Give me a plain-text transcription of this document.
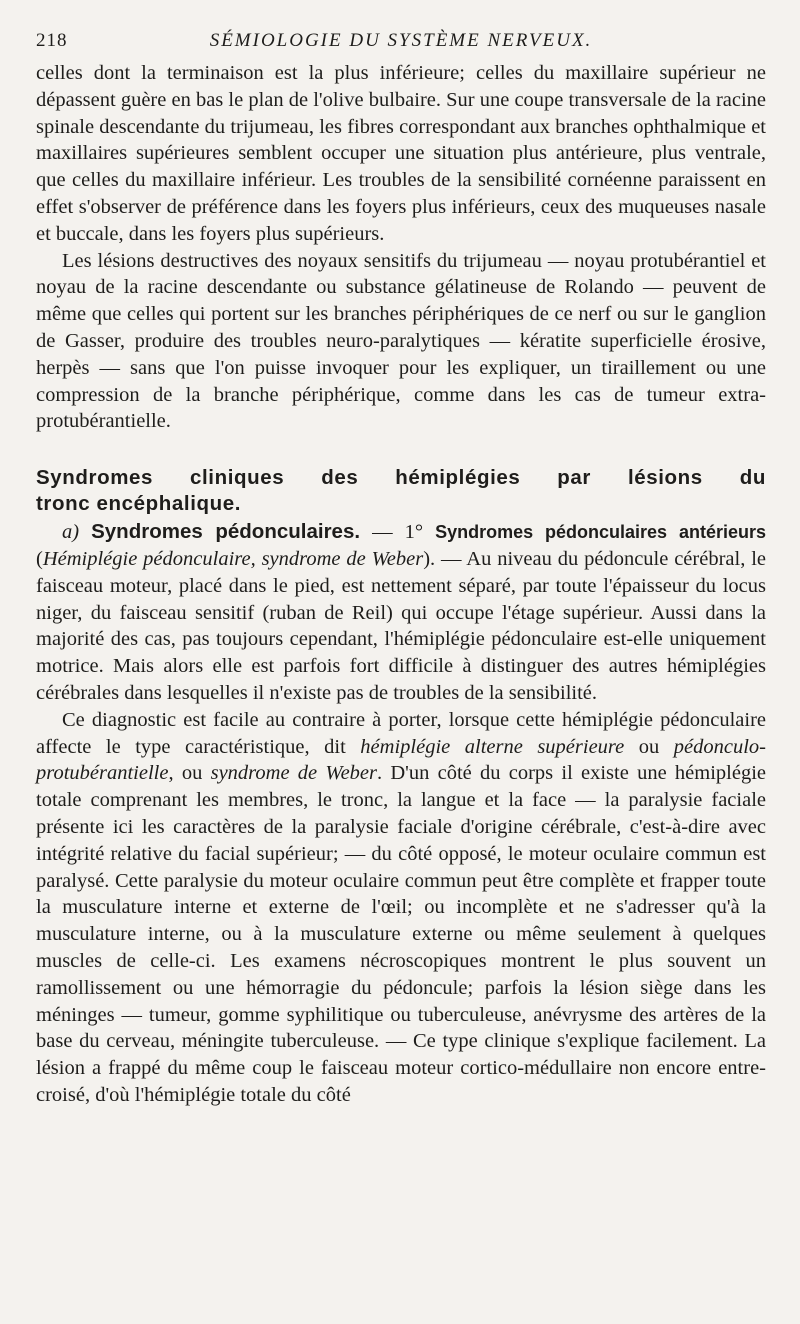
218	SÉMIOLOGIE DU SYSTÈME NERVEUX.

celles dont la terminaison est la plus inférieure; celles du maxillaire supérieur ne dépassent guère en bas le plan de l'olive bulbaire. Sur une coupe transversale de la racine spinale descendante du trijumeau, les fibres correspondant aux branches ophthalmique et maxillaires supérieures semblent occuper une situation plus antérieure, plus ventrale, que celles du maxillaire inférieur. Les troubles de la sensibilité cornéenne paraissent en effet s'observer de préférence dans les foyers plus inférieurs, ceux des muqueuses nasale et buccale, dans les foyers plus supérieurs.

Les lésions destructives des noyaux sensitifs du trijumeau — noyau protubérantiel et noyau de la racine descendante ou substance gélatineuse de Rolando — peuvent de même que celles qui portent sur les branches périphériques de ce nerf ou sur le ganglion de Gasser, produire des troubles neuro-paralytiques — kératite superficielle érosive, herpès — sans que l'on puisse invoquer pour les expliquer, un tiraillement ou une compression de la branche périphérique, comme dans les cas de tumeur extra-protubérantielle.

Syndromes cliniques des hémiplégies par lésions du
tronc encéphalique.

a) Syndromes pédonculaires. — 1° Syndromes pédonculaires antérieurs (Hémiplégie pédonculaire, syndrome de Weber). — Au niveau du pédoncule cérébral, le faisceau moteur, placé dans le pied, est nettement séparé, par toute l'épaisseur du locus niger, du faisceau sensitif (ruban de Reil) qui occupe l'étage supérieur. Aussi dans la majorité des cas, pas toujours cependant, l'hémiplégie pédonculaire est-elle uniquement motrice. Mais alors elle est parfois fort difficile à distinguer des autres hémiplégies cérébrales dans lesquelles il n'existe pas de troubles de la sensibilité.

Ce diagnostic est facile au contraire à porter, lorsque cette hémiplégie pédonculaire affecte le type caractéristique, dit hémiplégie alterne supérieure ou pédonculo-protubérantielle, ou syndrome de Weber. D'un côté du corps il existe une hémiplégie totale comprenant les membres, le tronc, la langue et la face — la paralysie faciale présente ici les caractères de la paralysie faciale d'origine cérébrale, c'est-à-dire avec intégrité relative du facial supérieur; — du côté opposé, le moteur oculaire commun est paralysé. Cette paralysie du moteur oculaire commun peut être complète et frapper toute la musculature interne et externe de l'œil; ou incomplète et ne s'adresser qu'à la musculature interne, ou à la musculature externe ou même seulement à quelques muscles de celle-ci. Les examens nécroscopiques montrent le plus souvent un ramollissement ou une hémorragie du pédoncule; parfois la lésion siège dans les méninges — tumeur, gomme syphilitique ou tuberculeuse, anévrysme des artères de la base du cerveau, méningite tuberculeuse. — Ce type clinique s'explique facilement. La lésion a frappé du même coup le faisceau moteur cortico-médullaire non encore entre-croisé, d'où l'hémiplégie totale du côté
